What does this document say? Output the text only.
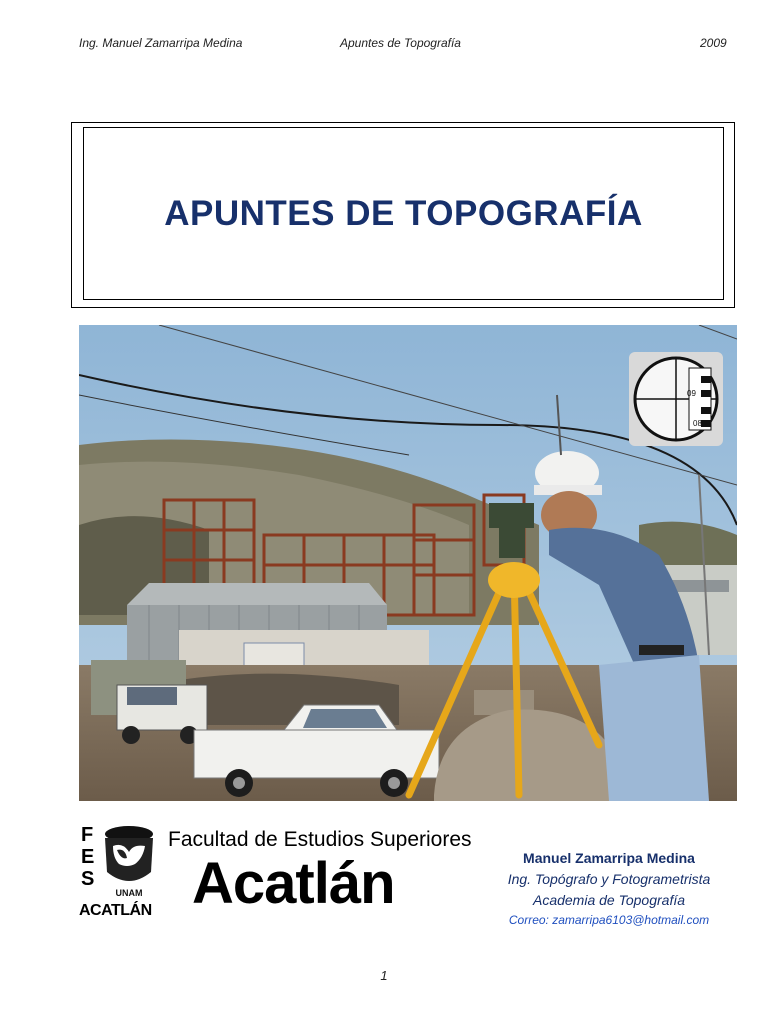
Ing. Manuel Zamarripa Medina	Apuntes de Topografía	2009
APUNTES DE TOPOGRAFÍA
09
08
F
E
S
UNAM
ACATLÁN
Facultad de Estudios Superiores
Acatlán	Manuel Zamarripa Medina
Ing. Topógrafo y Fotogrametrista
Academia de Topografía
Correo: zamarripa6103@hotmail.com
1
